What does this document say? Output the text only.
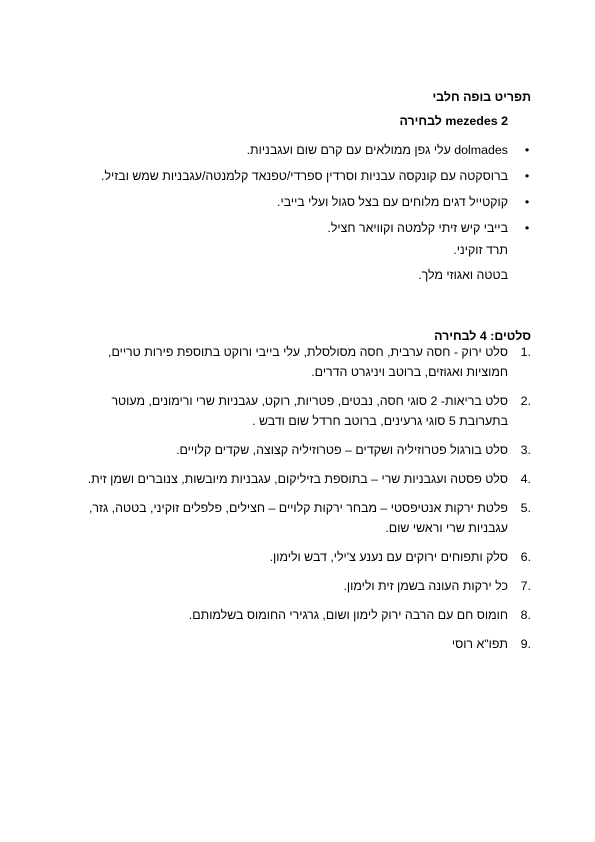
תפריט בופה חלבי
mezedes 2 לבחירה
•
dolmades עלי גפן ממולאים עם קרם שום ועגבניות.
•
ברוסקטה עם קונקסה עבניות וסרדין ספרדי/טפנאד קלמנטה/עגבניות שמש ובזיל.
•
קוקטייל דגים מלוחים עם בצל סגול ועלי בייבי.
•
בייבי קיש זיתי קלמטה וקוויאר חציל.
תרד זוקיני.
בטטה ואגוזי מלך.
סלטים: 4 לבחירה
1.
סלט ירוק - חסה ערבית, חסה מסולסלת, עלי בייבי ורוקט בתוספת פירות טריים, חמוציות ואגוזים, ברוטב ויניגרט הדרים.
2.
סלט בריאות- 2 סוגי חסה, נבטים, פטריות, רוקט, עגבניות שרי ורימונים, מעוטר בתערובת 5 סוגי גרעינים, ברוטב חרדל שום ודבש .
3.
סלט בורגול פטרוזיליה ושקדים – פטרוזיליה קצוצה, שקדים קלויים.
4.
סלט פסטה ועגבניות שרי – בתוספת בזיליקום, עגבניות מיובשות, צנוברים ושמן זית.
5.
פלטת ירקות אנטיפסטי – מבחר ירקות קלויים – חצילים, פלפלים זוקיני, בטטה, גזר, עגבניות שרי וראשי שום.
6.
סלק ותפוחים ירוקים עם נענע צ'ילי, דבש ולימון.
7.
כל ירקות העונה בשמן זית ולימון.
8.
חומוס חם עם הרבה ירוק לימון ושום, גרגירי החומוס בשלמותם.
9.
תפו"א רוסי
